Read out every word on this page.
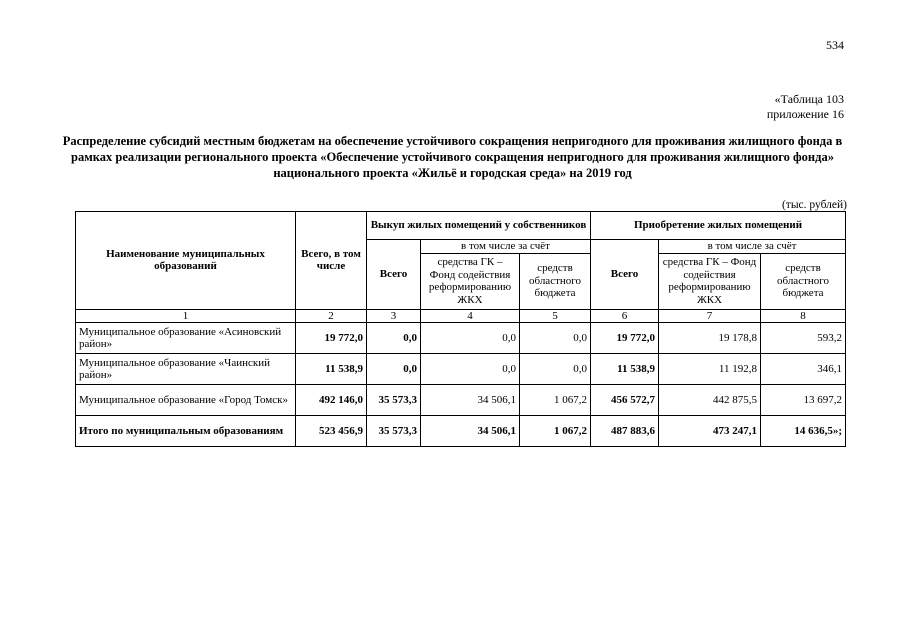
534
«Таблица 103
приложение 16
Распределение субсидий местным бюджетам на обеспечение устойчивого сокращения непригодного для проживания жилищного фонда в рамках реализации регионального проекта «Обеспечение устойчивого сокращения непригодного для проживания жилищного фонда» национального проекта «Жильё и городская среда» на 2019 год
(тыс. рублей)
Наименование муниципальных образований	Всего, в том числе	Выкуп жилых помещений у собственников			Приобретение жилых помещений		
		Всего	в том числе за счёт		Всего	в том числе за счёт	
			средства ГК – Фонд содействия реформированию ЖКХ	средств областного бюджета		средства ГК – Фонд содействия реформированию ЖКХ	средств областного бюджета
1	2	3	4	5	6	7	8
Муниципальное образование «Асиновский район»	19 772,0	0,0	0,0	0,0	19 772,0	19 178,8	593,2
Муниципальное образование «Чаинский район»	11 538,9	0,0	0,0	0,0	11 538,9	11 192,8	346,1
Муниципальное образование «Город Томск»	492 146,0	35 573,3	34 506,1	1 067,2	456 572,7	442 875,5	13 697,2
Итого по муниципальным образованиям	523 456,9	35 573,3	34 506,1	1 067,2	487 883,6	473 247,1	14 636,5»;
